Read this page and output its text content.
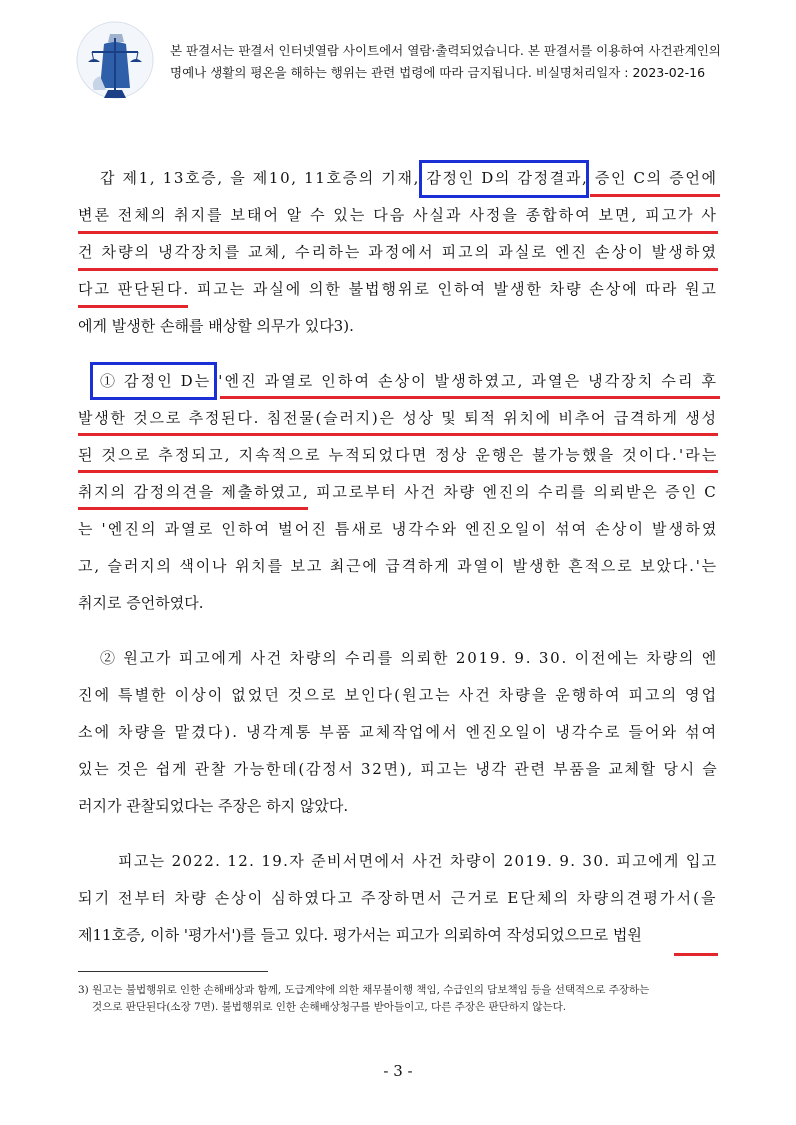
본 판결서는 판결서 인터넷열람 사이트에서 열람·출력되었습니다. 본 판결서를 이용하여 사건관계인의
명예나 생활의 평온을 해하는 행위는 관련 법령에 따라 금지됩니다. 비실명처리일자 : 2023-02-16
갑 제1, 13호증, 을 제10, 11호증의 기재, 감정인 D의 감정결과, 증인 C의 증언에
변론 전체의 취지를 보태어 알 수 있는 다음 사실과 사정을 종합하여 보면, 피고가 사
건 차량의 냉각장치를 교체, 수리하는 과정에서 피고의 과실로 엔진 손상이 발생하였
다고 판단된다. 피고는 과실에 의한 불법행위로 인하여 발생한 차량 손상에 따라 원고
에게 발생한 손해를 배상할 의무가 있다3).
① 감정인 D는 '엔진 과열로 인하여 손상이 발생하였고, 과열은 냉각장치 수리 후
발생한 것으로 추정된다. 침전물(슬러지)은 성상 및 퇴적 위치에 비추어 급격하게 생성
된 것으로 추정되고, 지속적으로 누적되었다면 정상 운행은 불가능했을 것이다.'라는
취지의 감정의견을 제출하였고, 피고로부터 사건 차량 엔진의 수리를 의뢰받은 증인 C
는 '엔진의 과열로 인하여 벌어진 틈새로 냉각수와 엔진오일이 섞여 손상이 발생하였
고, 슬러지의 색이나 위치를 보고 최근에 급격하게 과열이 발생한 흔적으로 보았다.'는
취지로 증언하였다.
② 원고가 피고에게 사건 차량의 수리를 의뢰한 2019. 9. 30. 이전에는 차량의 엔
진에 특별한 이상이 없었던 것으로 보인다(원고는 사건 차량을 운행하여 피고의 영업
소에 차량을 맡겼다). 냉각계통 부품 교체작업에서 엔진오일이 냉각수로 들어와 섞여
있는 것은 쉽게 관찰 가능한데(감정서 32면), 피고는 냉각 관련 부품을 교체할 당시 슬
러지가 관찰되었다는 주장은 하지 않았다.
피고는 2022. 12. 19.자 준비서면에서 사건 차량이 2019. 9. 30. 피고에게 입고
되기 전부터 차량 손상이 심하였다고 주장하면서 근거로 E단체의 차량의견평가서(을
제11호증, 이하 '평가서')를 들고 있다. 평가서는 피고가 의뢰하여 작성되었으므로 법원
3) 원고는 불법행위로 인한 손해배상과 함께, 도급계약에 의한 채무불이행 책임, 수급인의 담보책임 등을 선택적으로 주장하는
것으로 판단된다(소장 7면). 불법행위로 인한 손해배상청구를 받아들이고, 다른 주장은 판단하지 않는다.
- 3 -
